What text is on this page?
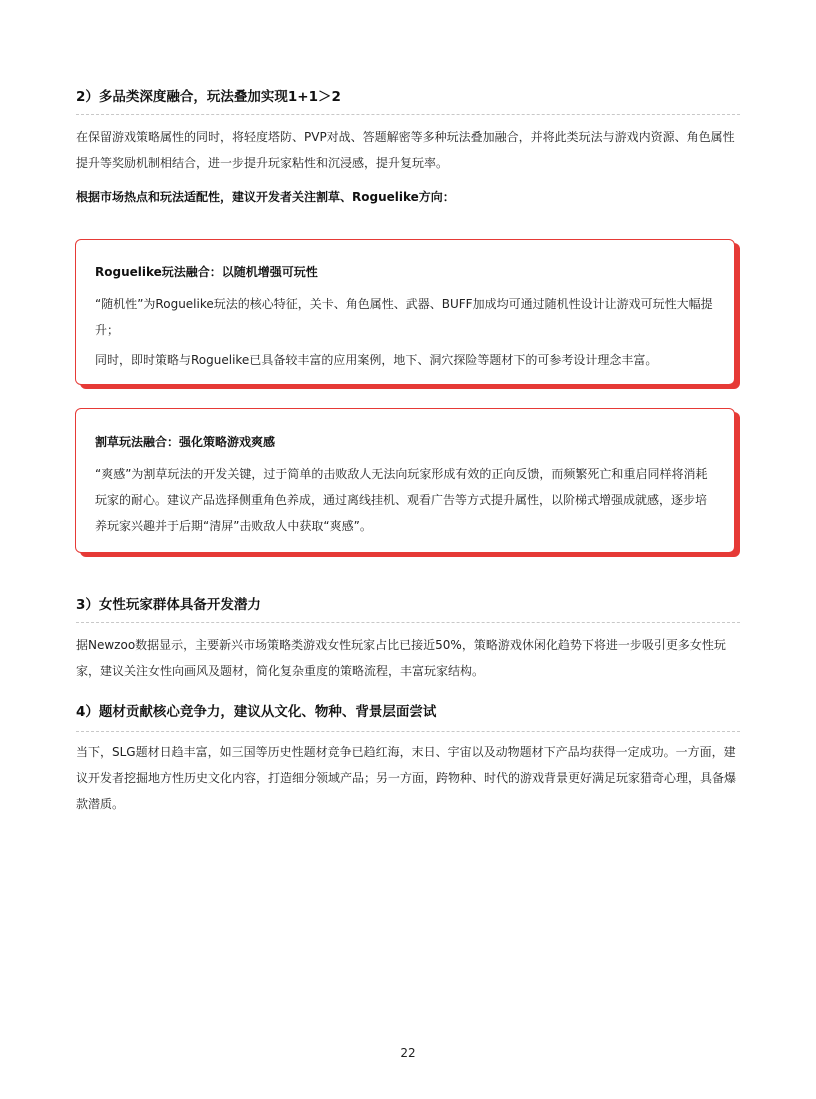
2）多品类深度融合，玩法叠加实现1+1＞2
在保留游戏策略属性的同时，将轻度塔防、PVP对战、答题解密等多种玩法叠加融合，并将此类玩法与游戏内资源、角色属性提升等奖励机制相结合，进一步提升玩家粘性和沉浸感，提升复玩率。
根据市场热点和玩法适配性，建议开发者关注割草、Roguelike方向：
Roguelike玩法融合：以随机增强可玩性
“随机性”为Roguelike玩法的核心特征，关卡、角色属性、武器、BUFF加成均可通过随机性设计让游戏可玩性大幅提升；
同时，即时策略与Roguelike已具备较丰富的应用案例，地下、洞穴探险等题材下的可参考设计理念丰富。
割草玩法融合：强化策略游戏爽感
“爽感”为割草玩法的开发关键，过于简单的击败敌人无法向玩家形成有效的正向反馈，而频繁死亡和重启同样将消耗玩家的耐心。建议产品选择侧重角色养成，通过离线挂机、观看广告等方式提升属性，以阶梯式增强成就感，逐步培养玩家兴趣并于后期“清屏”击败敌人中获取“爽感”。
3）女性玩家群体具备开发潜力
据Newzoo数据显示，主要新兴市场策略类游戏女性玩家占比已接近50%，策略游戏休闲化趋势下将进一步吸引更多女性玩家，建议关注女性向画风及题材，简化复杂重度的策略流程，丰富玩家结构。
4）题材贡献核心竞争力，建议从文化、物种、背景层面尝试
当下，SLG题材日趋丰富，如三国等历史性题材竞争已趋红海，末日、宇宙以及动物题材下产品均获得一定成功。一方面，建议开发者挖掘地方性历史文化内容，打造细分领域产品；另一方面，跨物种、时代的游戏背景更好满足玩家猎奇心理，具备爆款潜质。
22
